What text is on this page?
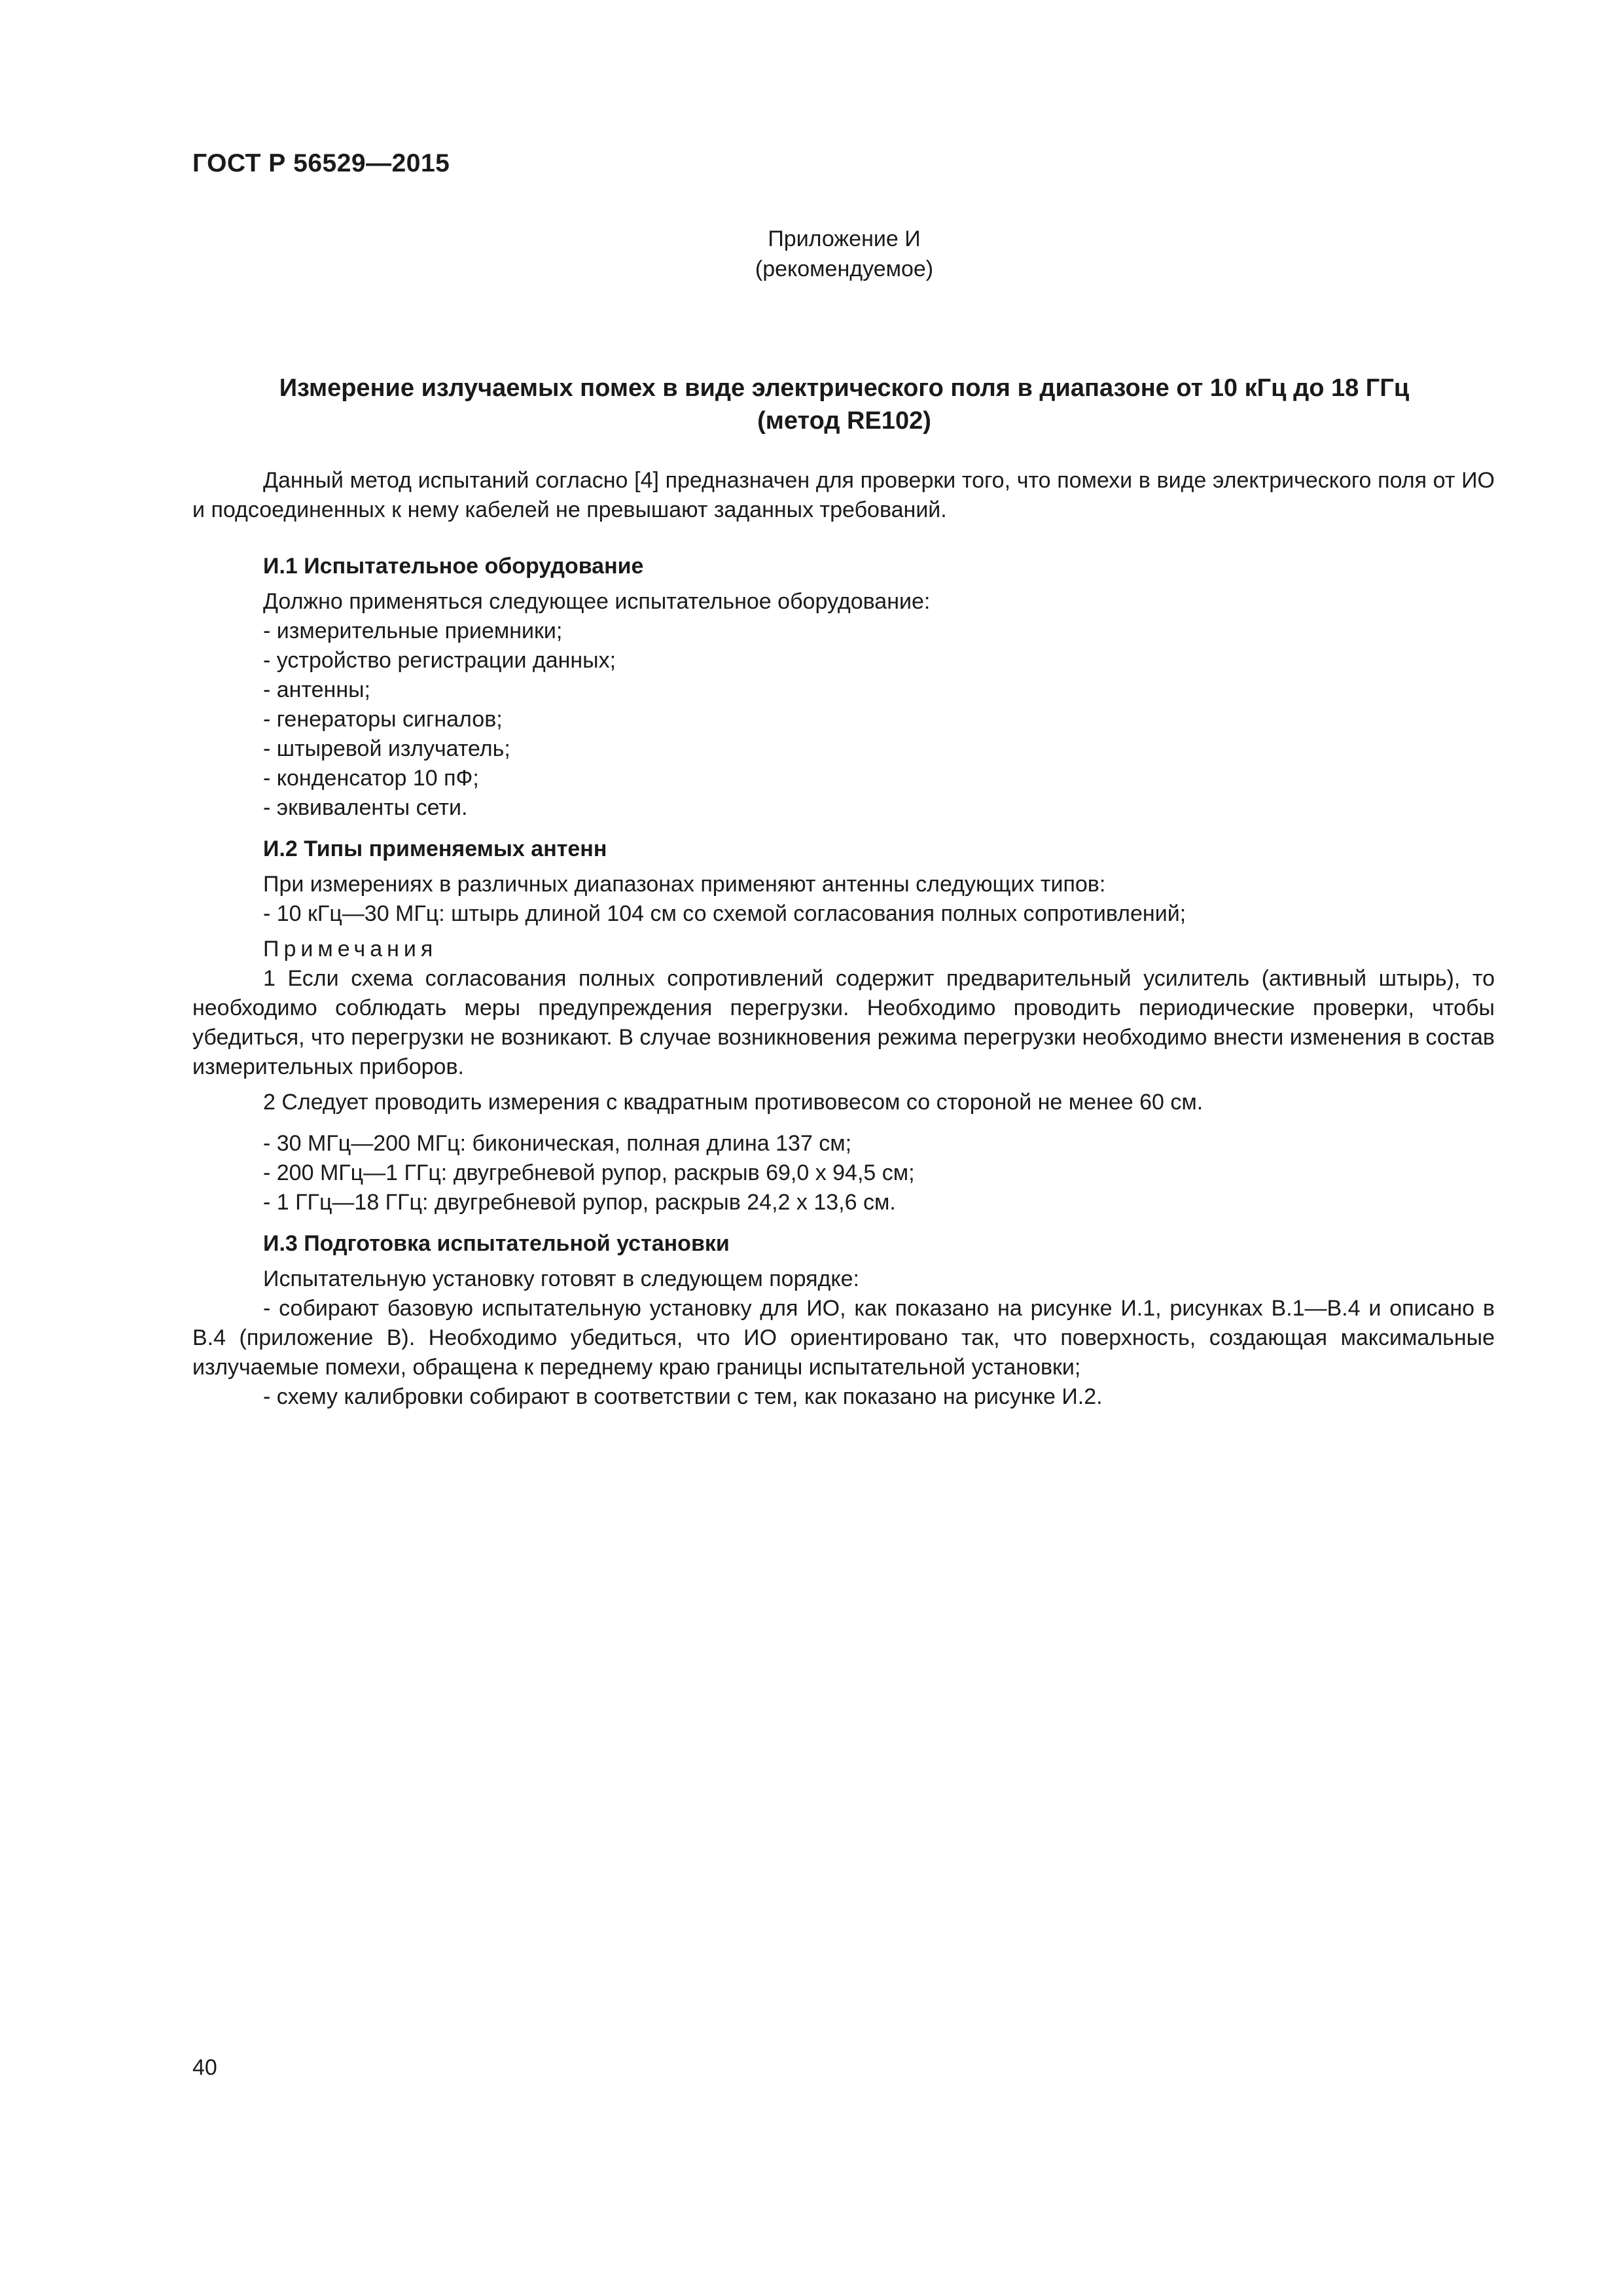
ГОСТ Р 56529—2015
Приложение И
(рекомендуемое)
Измерение излучаемых помех в виде электрического поля в диапазоне от 10 кГц до 18 ГГц
(метод RE102)

Данный метод испытаний согласно [4] предназначен для проверки того, что помехи в виде электрического поля от ИО и подсоединенных к нему кабелей не превышают заданных требований.

И.1 Испытательное оборудование
Должно применяться следующее испытательное оборудование:
- измерительные приемники;
- устройство регистрации данных;
- антенны;
- генераторы сигналов;
- штыревой излучатель;
- конденсатор 10 пФ;
- эквиваленты сети.
И.2 Типы применяемых антенн
При измерениях в различных диапазонах применяют антенны следующих типов:
- 10 кГц—30 МГц: штырь длиной 104 см со схемой согласования полных сопротивлений;
Примечания

1 Если схема согласования полных сопротивлений содержит предварительный усилитель (активный штырь), то необходимо соблюдать меры предупреждения перегрузки. Необходимо проводить периодические проверки, чтобы убедиться, что перегрузки не возникают. В случае возникновения режима перегрузки необходимо внести изменения в состав измерительных приборов.

2 Следует проводить измерения с квадратным противовесом со стороной не менее 60 см.

- 30 МГц—200 МГц: биконическая, полная длина 137 см;
- 200 МГц—1 ГГц: двугребневой рупор, раскрыв 69,0 х 94,5 см;
- 1 ГГц—18 ГГц: двугребневой рупор, раскрыв 24,2 х 13,6 см.
И.3 Подготовка испытательной установки
Испытательную установку готовят в следующем порядке:

- собирают базовую испытательную установку для ИО, как показано на рисунке И.1, рисунках В.1—В.4 и описано в В.4 (приложение В). Необходимо убедиться, что ИО ориентировано так, что поверхность, создающая максимальные излучаемые помехи, обращена к переднему краю границы испытательной установки;

- схему калибровки собирают в соответствии с тем, как показано на рисунке И.2.
40
